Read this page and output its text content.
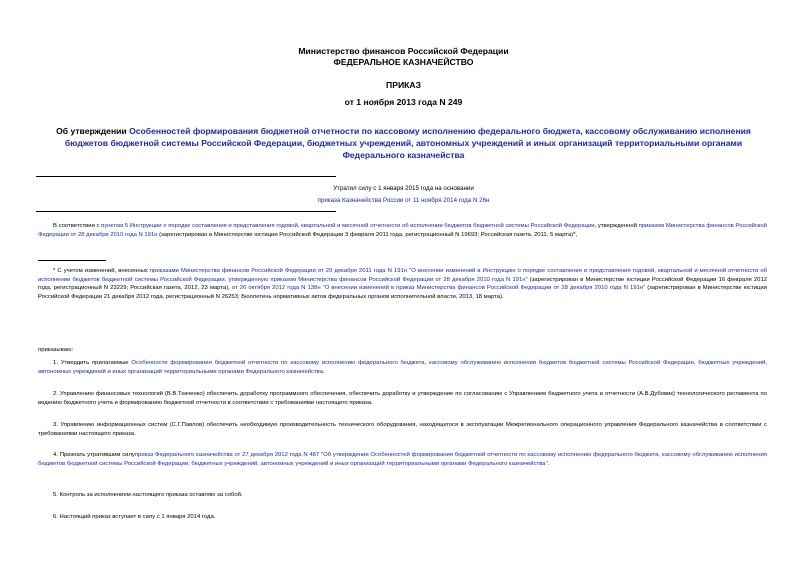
Министерство финансов Российской Федерации
ФЕДЕРАЛЬНОЕ КАЗНАЧЕЙСТВО
ПРИКАЗ
от 1 ноября 2013 года N 249
Об утверждении Особенностей формирования бюджетной отчетности по кассовому исполнению федерального бюджета, кассовому обслуживанию исполнения бюджетов бюджетной системы Российской Федерации, бюджетных учреждений, автономных учреждений и иных организаций территориальными органами Федерального казначейства
Утратил силу с 1 января 2015 года на основании
приказа Казначейства России от 11 ноября 2014 года N 26н
В соответствии с пунктом 5 Инструкции о порядке составления и представления годовой, квартальной и месячной отчетности об исполнении бюджетов бюджетной системы Российской Федерации, утвержденной приказом Министерства финансов Российской Федерации от 28 декабря 2010 года N 191н (зарегистрирован в Министерстве юстиции Российской Федерации 3 февраля 2011 года, регистрационный N 19693; Российская газета, 2011, 5 марта)*,
* С учетом изменений, внесенных приказами Министерства финансов Российской Федерации от 29 декабря 2011 года N 191н "О внесении изменений в Инструкцию о порядке составления и представления годовой, квартальной и месячной отчетности об исполнении бюджетов бюджетной системы Российской Федерации, утвержденную приказом Министерства финансов Российской Федерации от 28 декабря 2010 года N 191н" (зарегистрирован в Министерстве юстиции Российской Федерации 16 февраля 2012 года, регистрационный N 23229; Российская газета, 2012, 23 марта), от 26 октября 2012 года N 138н "О внесении изменений в приказ Министерства финансов Российской Федерации от 28 декабря 2010 года N 191н" (зарегистрирован в Министерстве юстиции Российской Федерации 21 декабря 2012 года, регистрационный N 26253; Бюллетень нормативных актов федеральных органов исполнительной власти, 2013, 18 марта).
приказываю:
1. Утвердить прилагаемые Особенности формирования бюджетной отчетности по кассовому исполнению федерального бюджета, кассовому обслуживанию исполнения бюджетов бюджетной системы Российской Федерации, бюджетных учреждений, автономных учреждений и иных организаций территориальными органами Федерального казначейства.
2. Управлению финансовых технологий (В.В.Ткаченко) обеспечить доработку программного обеспечения, обеспечить доработку и утверждение по согласованию с Управлением бюджетного учета и отчетности (А.В.Дубовик) технологического регламента по ведению бюджетного учета и формированию бюджетной отчетности в соответствии с требованиями настоящего приказа.
3. Управлению информационных систем (С.Г.Павлов) обеспечить необходимую производительность технического оборудования, находящегося в эксплуатации Межрегионального операционного управления Федерального казначейства в соответствии с требованиями настоящего приказа.
4. Признать утратившим силуприказ Федерального казначейства от 27 декабря 2012 года N 487 "Об утверждении Особенностей формирования бюджетной отчетности по кассовому исполнению федерального бюджета, кассовому обслуживанию исполнения бюджетов бюджетной системы Российской Федерации, бюджетных учреждений, автономных учреждений и иных организаций территориальными органами Федерального казначейства".
5. Контроль за исполнением настоящего приказа оставляю за собой.
6. Настоящий приказ вступает в силу с 1 января 2014 года.
